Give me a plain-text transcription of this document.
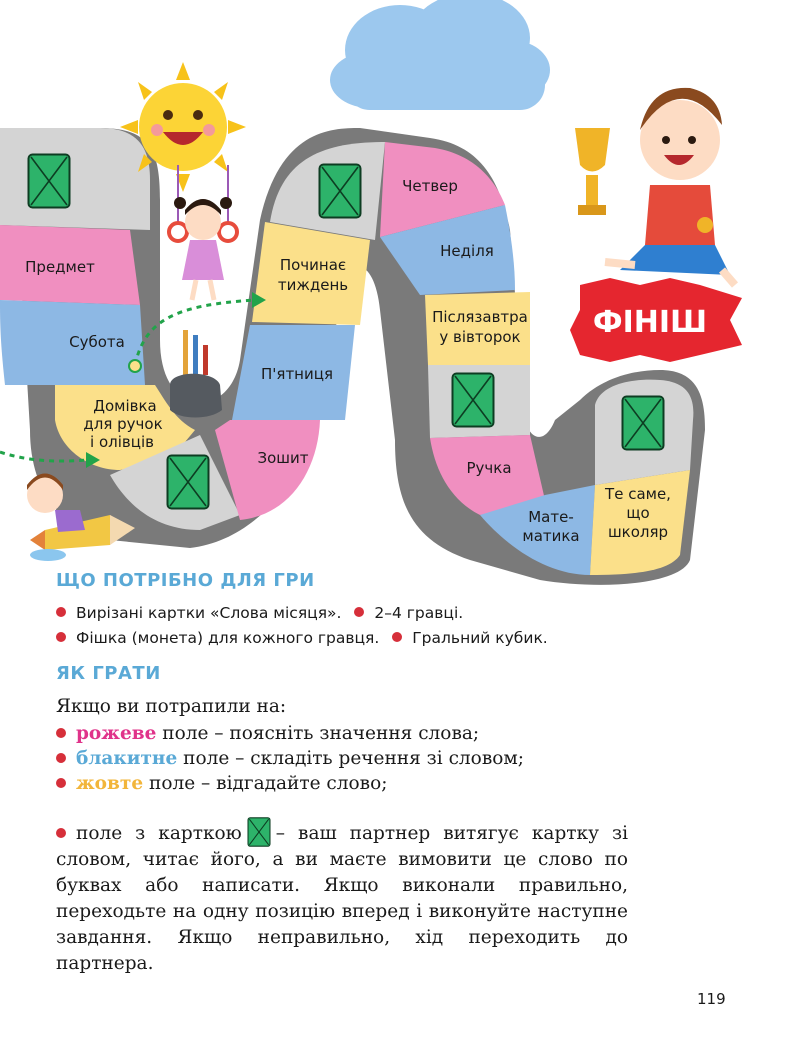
Предмет
Субота
Домівка
для ручок
і олівців
Зошит
П'ятниця
Починає
тиждень
Четвер
Неділя
Післязавтра
у вівторок
Ручка
Мате-
матика
Те саме,
що
школяр
ФІНІШ
ЩО ПОТРІБНО ДЛЯ ГРИ
Вирізані картки «Слова місяця». 2–4 гравці.
Фішка (монета) для кожного гравця. Гральний кубик.
ЯК ГРАТИ
Якщо ви потрапили на:
рожеве поле – поясніть значення слова;
блакитне поле – складіть речення зі словом;
жовте поле – відгадайте слово;
поле з карткою – ваш партнер витягує картку зі словом, читає його, а ви маєте вимовити це слово по буквах або написати. Якщо виконали правильно, переходьте на одну позицію вперед і виконуйте наступне завдання. Якщо неправильно, хід переходить до партнера.
119
